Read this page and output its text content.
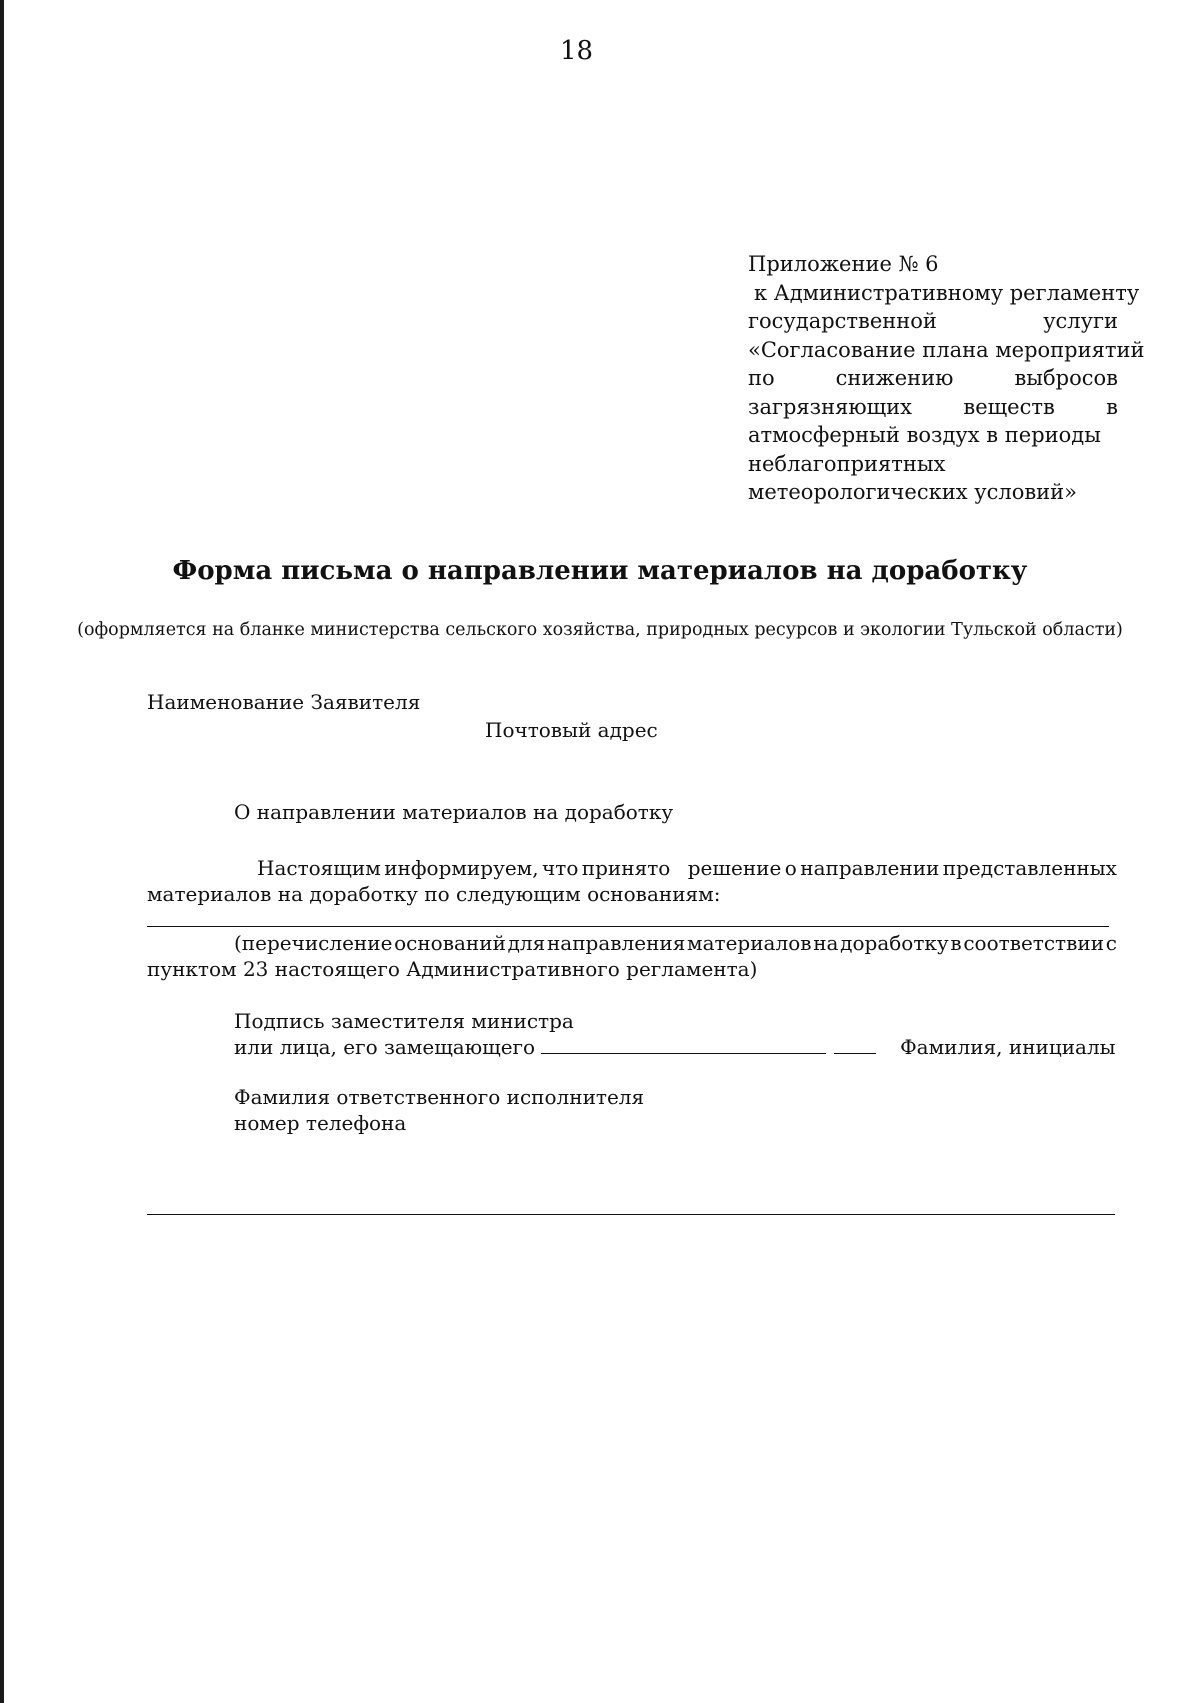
18
Приложение № 6
к Административному регламенту
государственной	услуги
«Согласование плана мероприятий
по	снижению	выбросов
загрязняющих веществ в
атмосферный воздух в периоды
неблагоприятных
метеорологических условий»
Форма письма о направлении материалов на доработку
(оформляется на бланке министерства сельского хозяйства, природных ресурсов и экологии Тульской области)
Наименование Заявителя
Почтовый адрес
О направлении материалов на доработку
Настоящим информируем, что принято решение о направлении представленных
материалов на доработку по следующим основаниям:
(перечисление оснований для направления материалов на доработку в соответствии с
пунктом 23 настоящего Административного регламента)
Подпись заместителя министра
или лица, его замещающего	Фамилия, инициалы
Фамилия ответственного исполнителя
номер телефона
